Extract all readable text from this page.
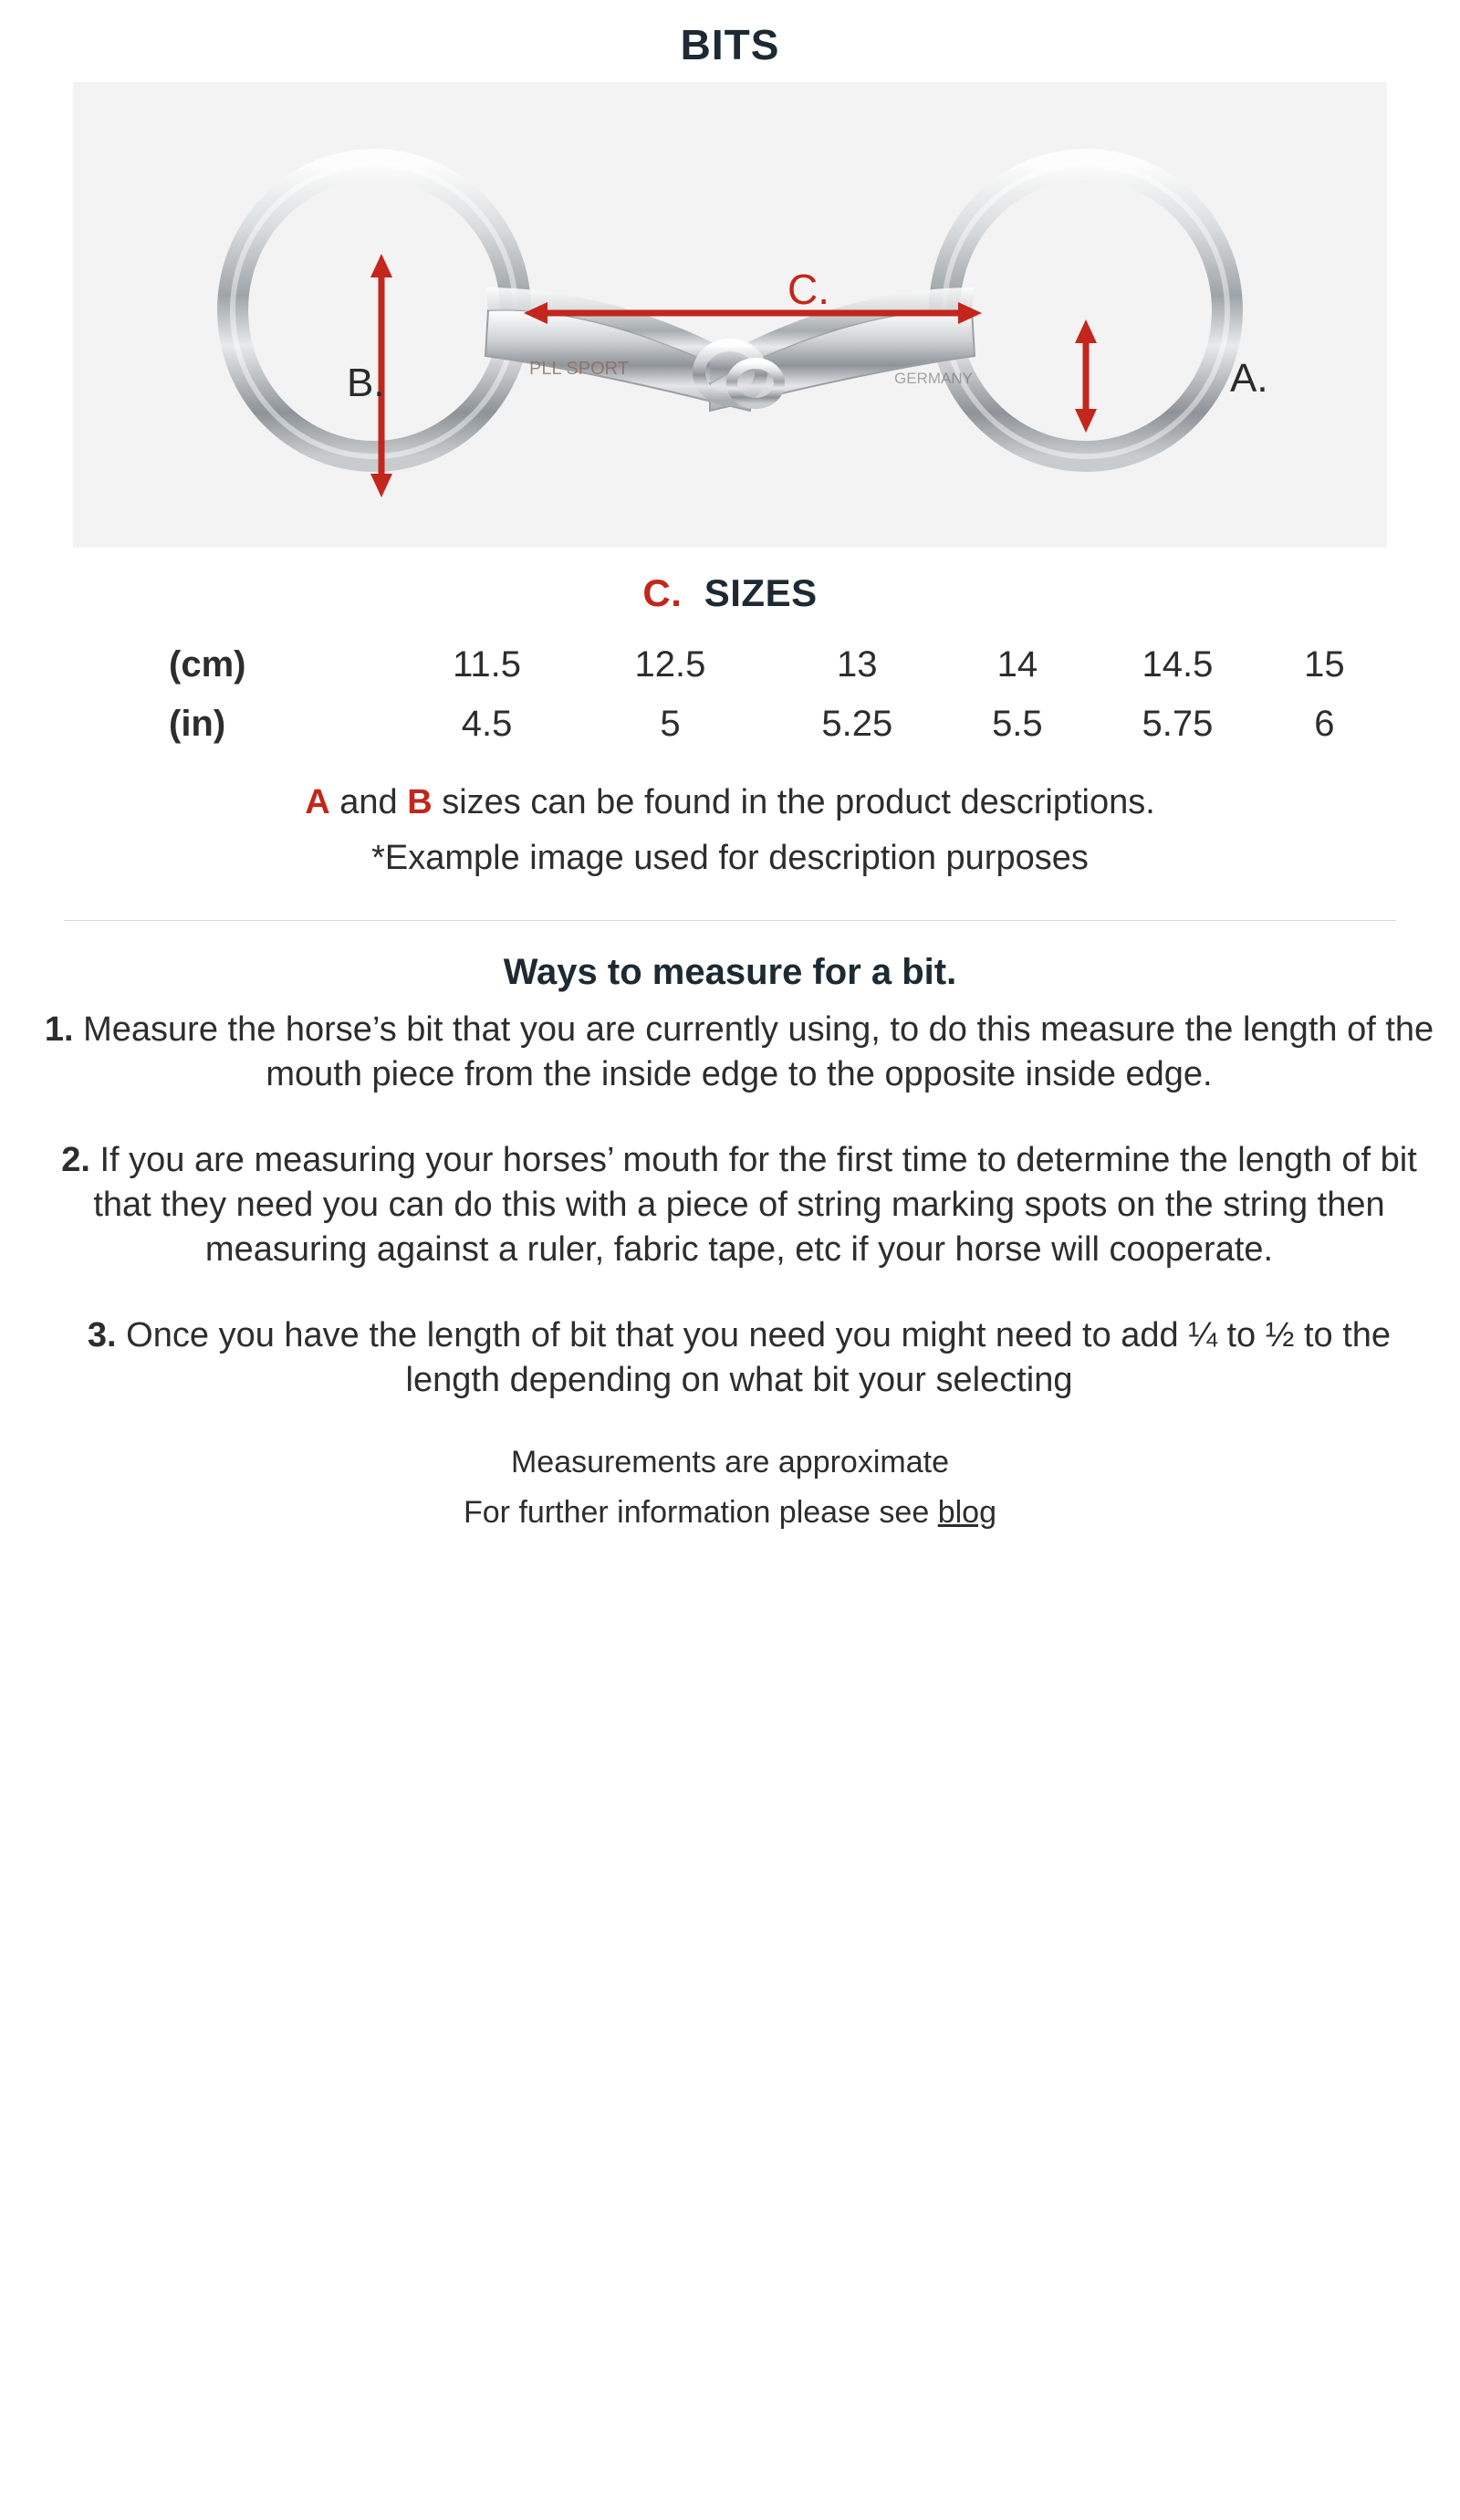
BITS
PLL SPORT	GERMANY
B.	A.
C.
C. SIZES
(cm)	11.5	12.5	13	14	14.5	15
(in)	4.5	5	5.25	5.5	5.75	6
A and B sizes can be found in the product descriptions.
*Example image used for description purposes
Ways to measure for a bit.
1. Measure the horse’s bit that you are currently using, to do this measure the length of the mouth piece from the inside edge to the opposite inside edge.
2. If you are measuring your horses’ mouth for the first time to determine the length of bit that they need you can do this with a piece of string marking spots on the string then measuring against a ruler, fabric tape, etc if your horse will cooperate.
3. Once you have the length of bit that you need you might need to add ¼ to ½ to the length depending on what bit your selecting
Measurements are approximate
For further information please see blog
